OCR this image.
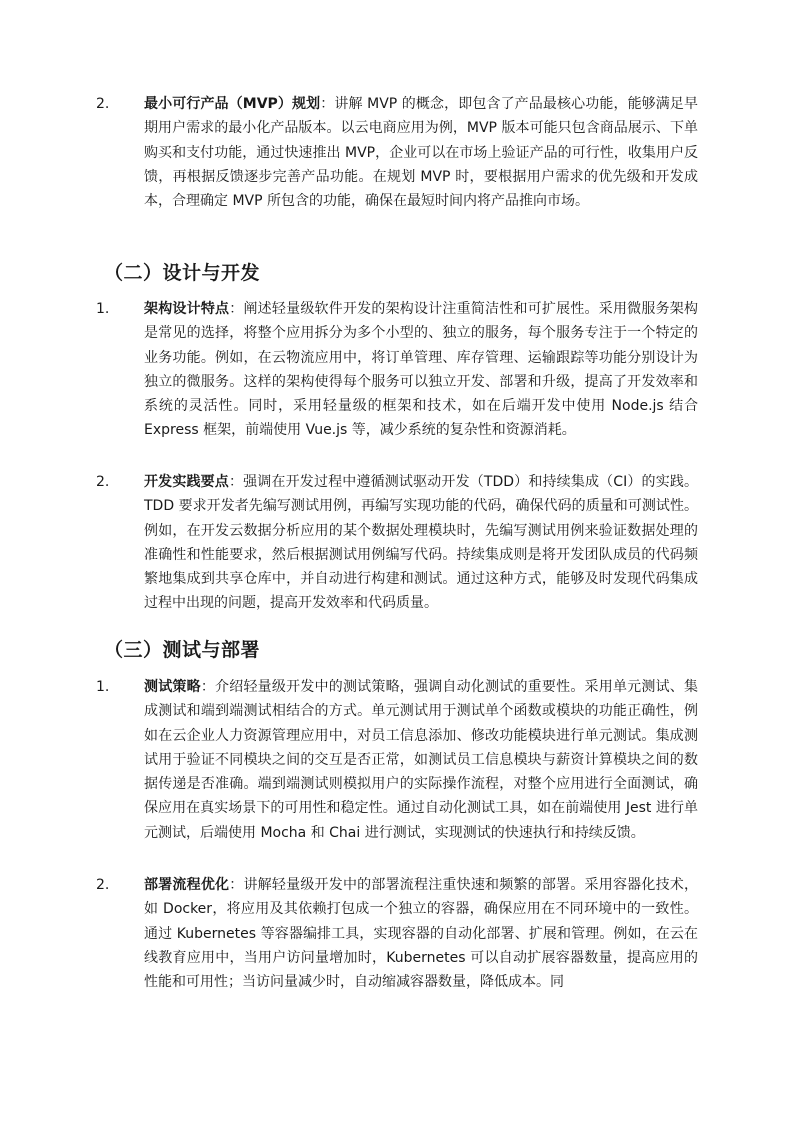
2. 最小可行产品（MVP）规划：讲解 MVP 的概念，即包含了产品最核心功能，能够满足早期用户需求的最小化产品版本。以云电商应用为例，MVP 版本可能只包含商品展示、下单购买和支付功能，通过快速推出 MVP，企业可以在市场上验证产品的可行性，收集用户反馈，再根据反馈逐步完善产品功能。在规划 MVP 时，要根据用户需求的优先级和开发成本，合理确定 MVP 所包含的功能，确保在最短时间内将产品推向市场。
（二）设计与开发
1. 架构设计特点：阐述轻量级软件开发的架构设计注重简洁性和可扩展性。采用微服务架构是常见的选择，将整个应用拆分为多个小型的、独立的服务，每个服务专注于一个特定的业务功能。例如，在云物流应用中，将订单管理、库存管理、运输跟踪等功能分别设计为独立的微服务。这样的架构使得每个服务可以独立开发、部署和升级，提高了开发效率和系统的灵活性。同时，采用轻量级的框架和技术，如在后端开发中使用 Node.js 结合 Express 框架，前端使用 Vue.js 等，减少系统的复杂性和资源消耗。
2. 开发实践要点：强调在开发过程中遵循测试驱动开发（TDD）和持续集成（CI）的实践。TDD 要求开发者先编写测试用例，再编写实现功能的代码，确保代码的质量和可测试性。例如，在开发云数据分析应用的某个数据处理模块时，先编写测试用例来验证数据处理的准确性和性能要求，然后根据测试用例编写代码。持续集成则是将开发团队成员的代码频繁地集成到共享仓库中，并自动进行构建和测试。通过这种方式，能够及时发现代码集成过程中出现的问题，提高开发效率和代码质量。
（三）测试与部署
1. 测试策略：介绍轻量级开发中的测试策略，强调自动化测试的重要性。采用单元测试、集成测试和端到端测试相结合的方式。单元测试用于测试单个函数或模块的功能正确性，例如在云企业人力资源管理应用中，对员工信息添加、修改功能模块进行单元测试。集成测试用于验证不同模块之间的交互是否正常，如测试员工信息模块与薪资计算模块之间的数据传递是否准确。端到端测试则模拟用户的实际操作流程，对整个应用进行全面测试，确保应用在真实场景下的可用性和稳定性。通过自动化测试工具，如在前端使用 Jest 进行单元测试，后端使用 Mocha 和 Chai 进行测试，实现测试的快速执行和持续反馈。
2. 部署流程优化：讲解轻量级开发中的部署流程注重快速和频繁的部署。采用容器化技术，如 Docker，将应用及其依赖打包成一个独立的容器，确保应用在不同环境中的一致性。通过 Kubernetes 等容器编排工具，实现容器的自动化部署、扩展和管理。例如，在云在线教育应用中，当用户访问量增加时，Kubernetes 可以自动扩展容器数量，提高应用的性能和可用性；当访问量减少时，自动缩减容器数量，降低成本。同
